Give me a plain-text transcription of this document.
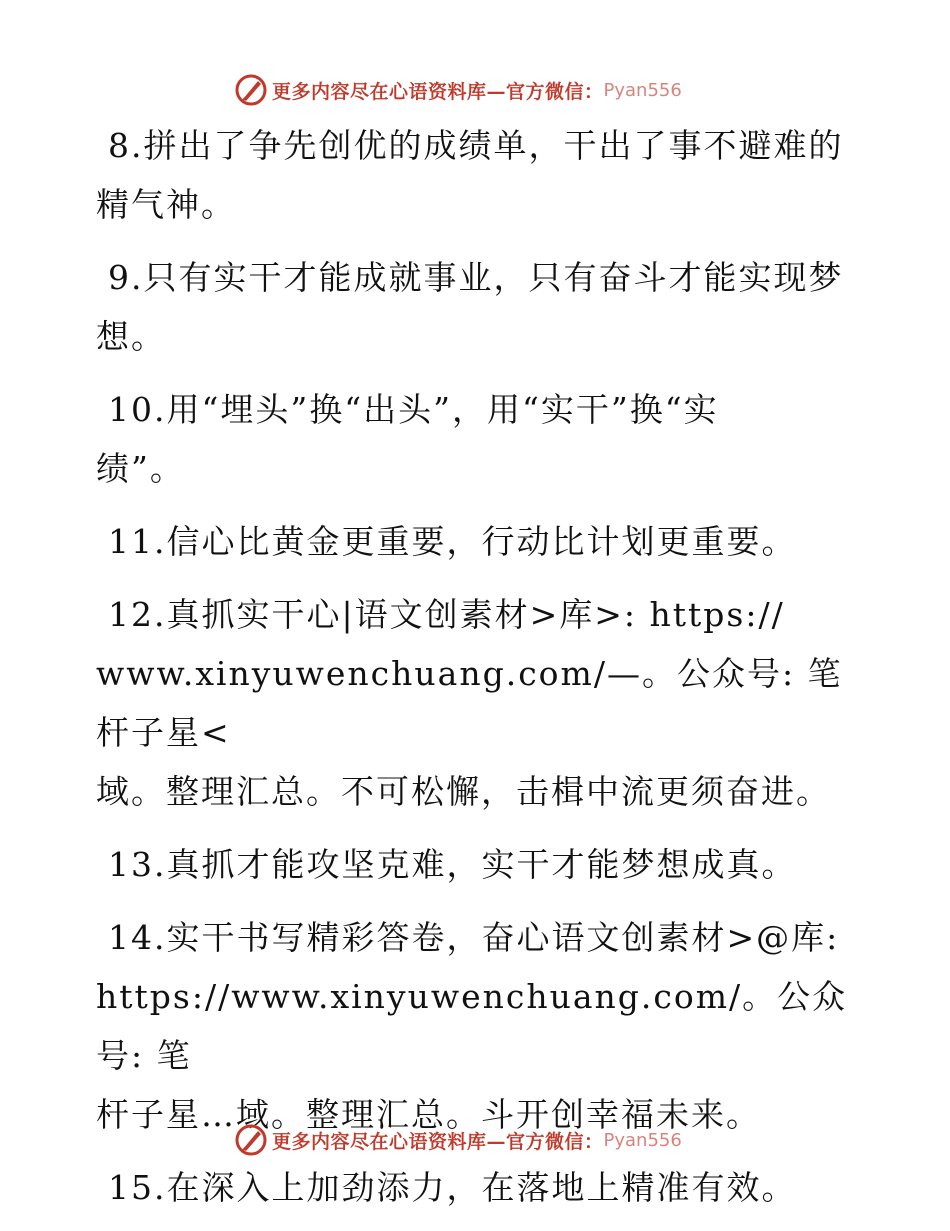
更多内容尽在心语资料库—官方微信： Pyan556
8.拼出了争先创优的成绩单，干出了事不避难的
精气神。
9.只有实干才能成就事业，只有奋斗才能实现梦
想。
10.用“埋头”换“出头”，用“实干”换“实
绩”。
11.信心比黄金更重要，行动比计划更重要。
12.真抓实干心|语文创素材>库>: https://
www.xinyuwenchuang.com/—。公众号: 笔杆子星<
域。整理汇总。不可松懈，击楫中流更须奋进。
13.真抓才能攻坚克难，实干才能梦想成真。
14.实干书写精彩答卷，奋心语文创素材>@库:
https://www.xinyuwenchuang.com/。公众号: 笔
杆子星…域。整理汇总。斗开创幸福未来。
15.在深入上加劲添力，在落地上精准有效。
更多内容尽在心语资料库—官方微信： Pyan556
